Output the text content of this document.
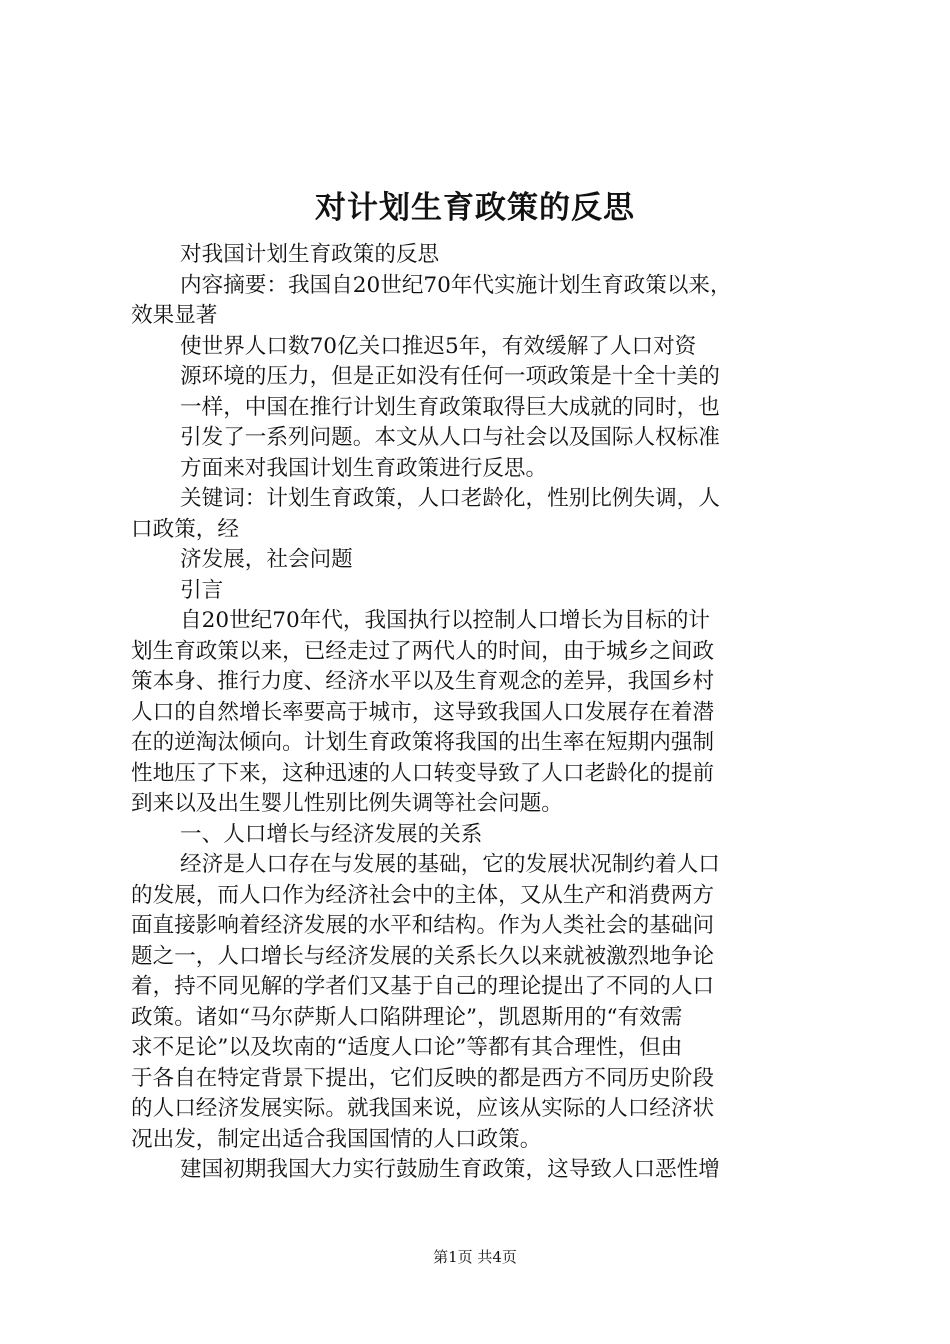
对计划生育政策的反思
对我国计划生育政策的反思
内容摘要：我国自20世纪70年代实施计划生育政策以来，
效果显著
使世界人口数70亿关口推迟5年，有效缓解了人口对资
源环境的压力，但是正如没有任何一项政策是十全十美的
一样，中国在推行计划生育政策取得巨大成就的同时，也
引发了一系列问题。本文从人口与社会以及国际人权标准
方面来对我国计划生育政策进行反思。
关键词：计划生育政策，人口老龄化，性别比例失调，人
口政策，经
济发展，社会问题
引言
自20世纪70年代，我国执行以控制人口增长为目标的计
划生育政策以来，已经走过了两代人的时间，由于城乡之间政
策本身、推行力度、经济水平以及生育观念的差异，我国乡村
人口的自然增长率要高于城市，这导致我国人口发展存在着潜
在的逆淘汰倾向。计划生育政策将我国的出生率在短期内强制
性地压了下来，这种迅速的人口转变导致了人口老龄化的提前
到来以及出生婴儿性别比例失调等社会问题。
一、人口增长与经济发展的关系
经济是人口存在与发展的基础，它的发展状况制约着人口
的发展，而人口作为经济社会中的主体，又从生产和消费两方
面直接影响着经济发展的水平和结构。作为人类社会的基础问
题之一，人口增长与经济发展的关系长久以来就被激烈地争论
着，持不同见解的学者们又基于自己的理论提出了不同的人口
政策。诸如“马尔萨斯人口陷阱理论”，凯恩斯用的“有效需
求不足论”以及坎南的“适度人口论”等都有其合理性，但由
于各自在特定背景下提出，它们反映的都是西方不同历史阶段
的人口经济发展实际。就我国来说，应该从实际的人口经济状
况出发，制定出适合我国国情的人口政策。
建国初期我国大力实行鼓励生育政策，这导致人口恶性增
第1页 共4页
